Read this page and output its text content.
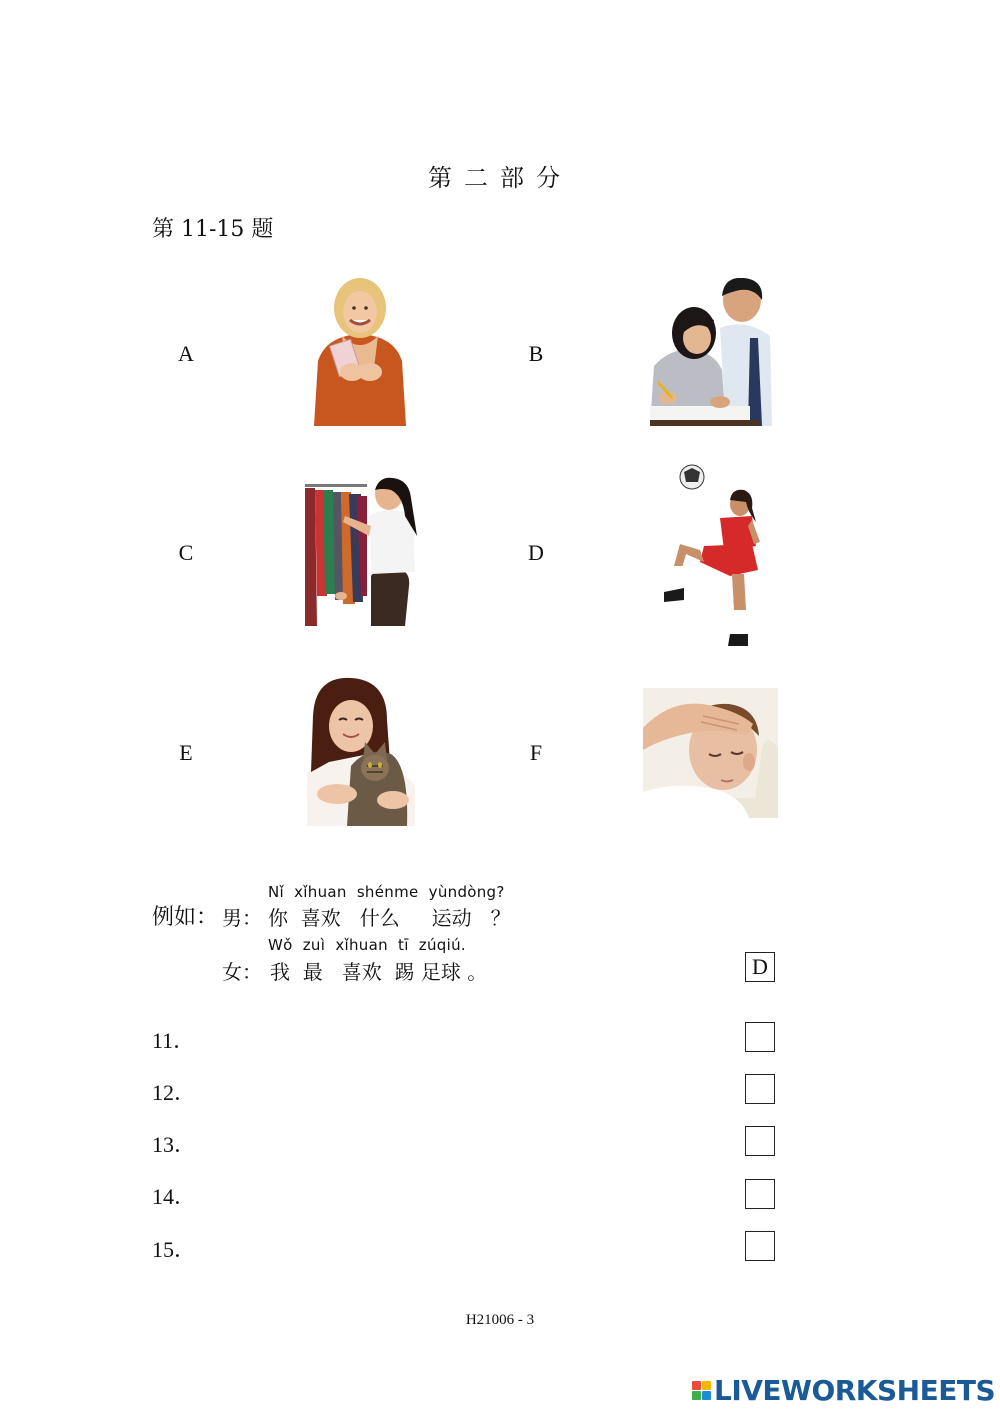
第二部分
第 11-15 题
A	B
C	D
E	F
例如： 男：
Nǐ  xǐhuan  shénme  yùndòng?
你  喜欢   什么     运动   ？
女：
Wǒ  zuì  xǐhuan  tī  zúqiú.
我  最   喜欢  踢 足球 。	D
11．
12．
13．
14．
15．
H21006 - 3
LIVEWORKSHEETS
